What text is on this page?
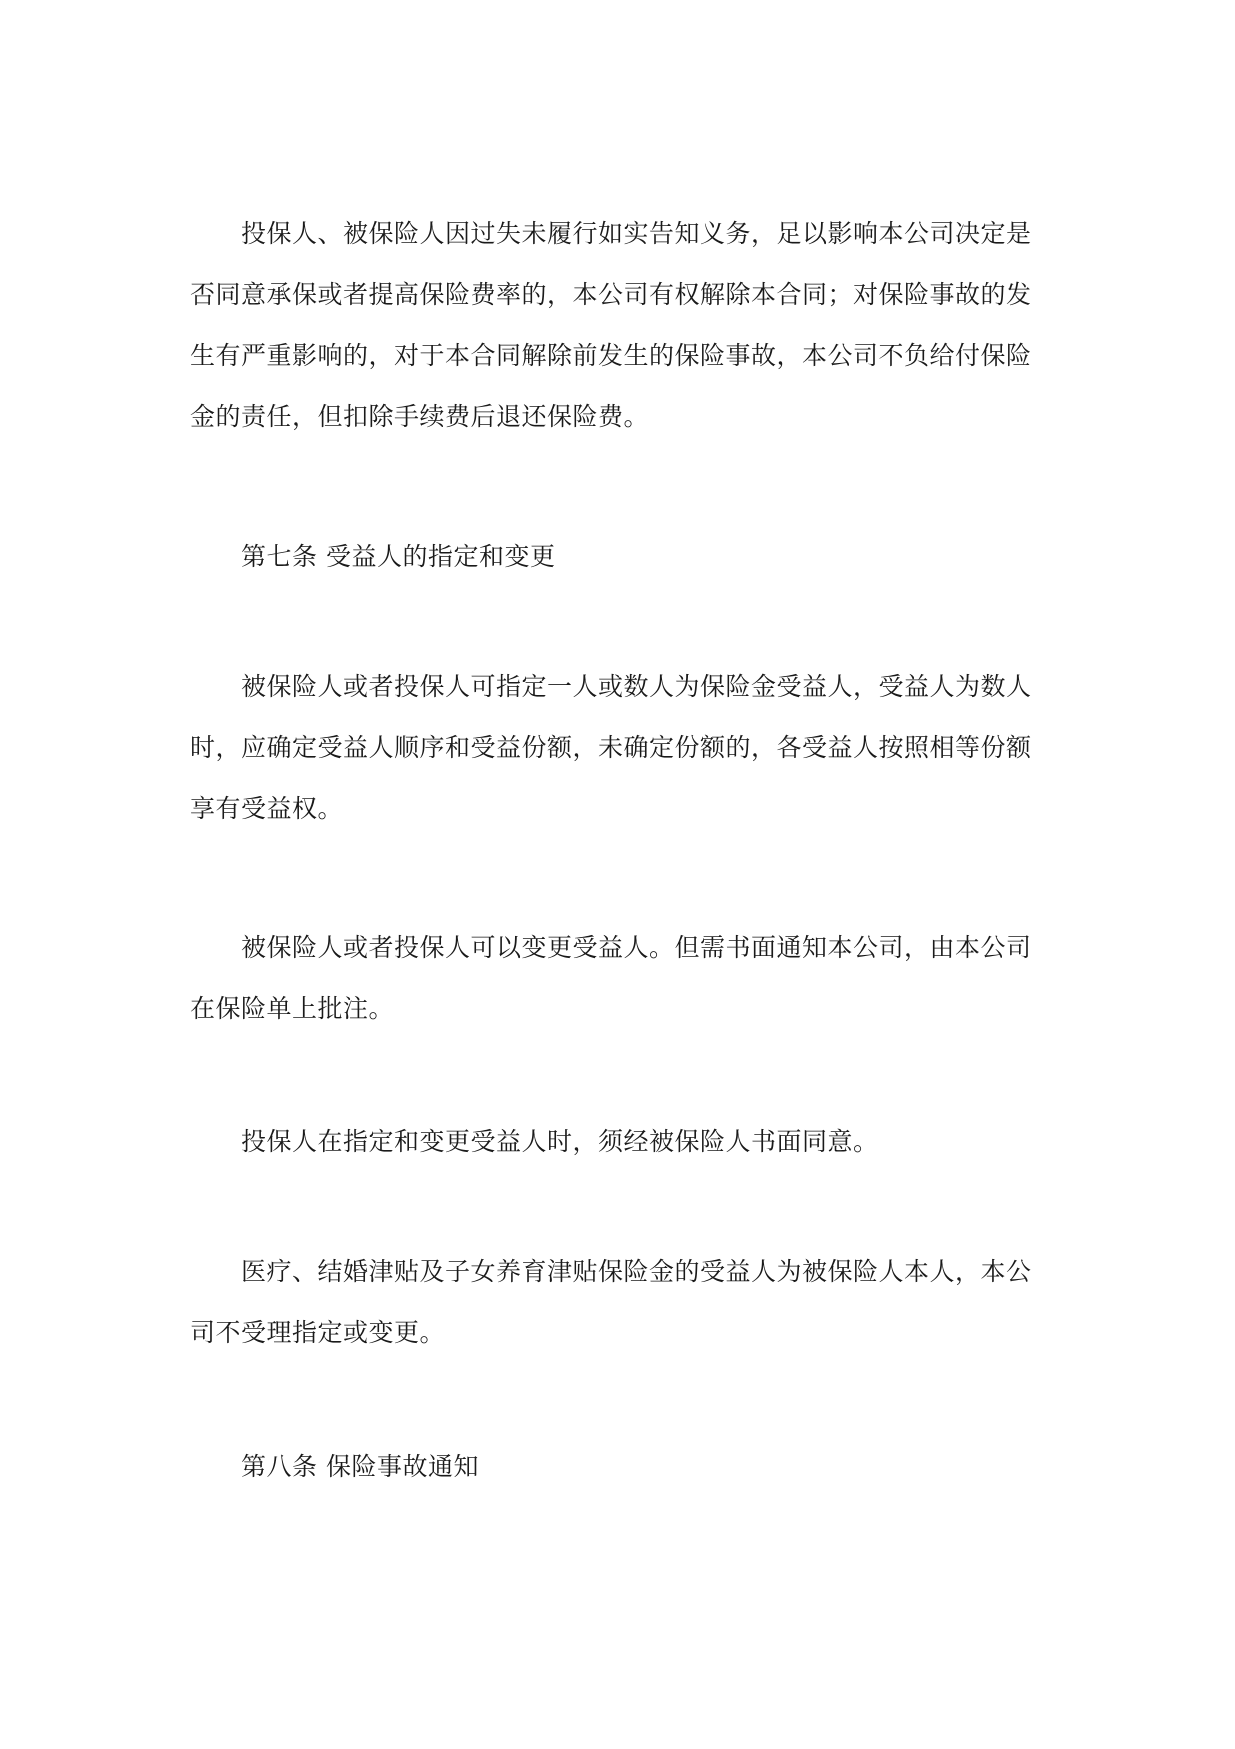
投保人、被保险人因过失未履行如实告知义务，足以影响本公司决定是否同意承保或者提高保险费率的，本公司有权解除本合同；对保险事故的发生有严重影响的，对于本合同解除前发生的保险事故，本公司不负给付保险金的责任，但扣除手续费后退还保险费。

第七条 受益人的指定和变更

被保险人或者投保人可指定一人或数人为保险金受益人，受益人为数人时，应确定受益人顺序和受益份额，未确定份额的，各受益人按照相等份额享有受益权。

被保险人或者投保人可以变更受益人。但需书面通知本公司，由本公司在保险单上批注。

投保人在指定和变更受益人时，须经被保险人书面同意。

医疗、结婚津贴及子女养育津贴保险金的受益人为被保险人本人，本公司不受理指定或变更。

第八条 保险事故通知
